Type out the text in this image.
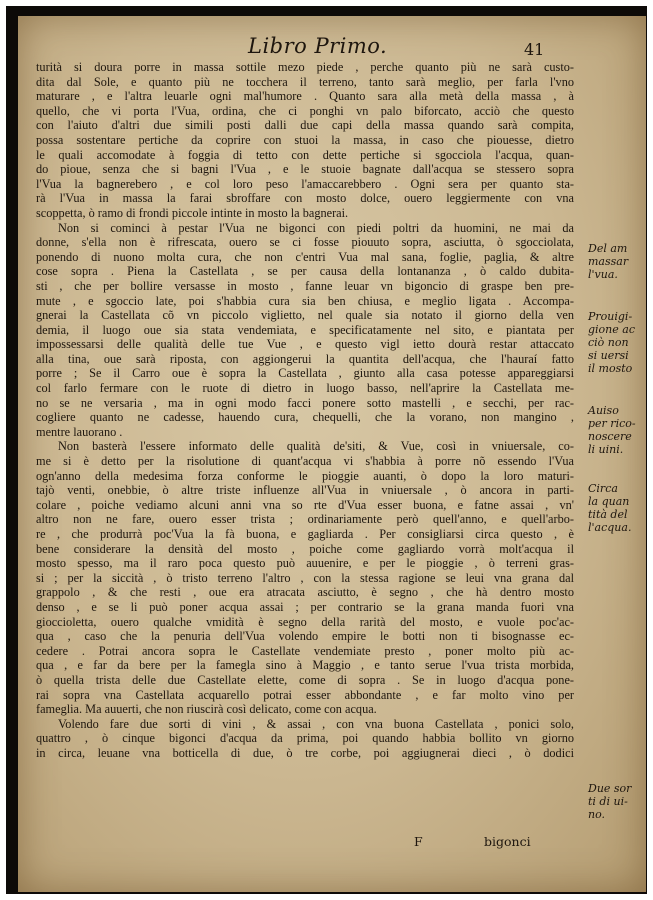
Libro Primo.	41

turità si doura porre in massa sottile mezo piede , perche quanto più ne sarà custo-

dita dal Sole, e quanto più ne tocchera il terreno, tanto sarà meglio, per farla l'vno

maturare , e l'altra leuarle ogni mal'humore . Quanto sara alla metà della massa , à

quello, che vi porta l'Vua, ordina, che ci ponghi vn palo biforcato, acciò che questo

con l'aiuto d'altri due simili posti dalli due capi della massa quando sarà compita,

possa sostentare pertiche da coprire con stuoi la massa, in caso che piouesse, dietro

le quali accomodate à foggia di tetto con dette pertiche si sgocciola l'acqua, quan-

do pioue, senza che si bagni l'Vua , e le stuoie bagnate dall'acqua se stessero sopra

l'Vua la bagnerebero , e col loro peso l'amaccarebbero . Ogni sera per quanto sta-

rà l'Vua in massa la farai sbroffare con mosto dolce, ouero leggiermente con vna

scoppetta, ò ramo di frondi piccole intinte in mosto la bagnerai.

Non si cominci à pestar l'Vua ne bigonci con piedi poltri da huomini, ne mai da

donne, s'ella non è rifrescata, ouero se ci fosse piouuto sopra, asciutta, ò sgocciolata,

ponendo di nuono molta cura, che non c'entri Vua mal sana, foglie, paglia, & altre

cose sopra . Piena la Castellata , se per causa della lontananza , ò caldo dubita-

sti , che per bollire versasse in mosto , fanne leuar vn bigoncio di graspe ben pre-

mute , e sgoccio late, poi s'habbia cura sia ben chiusa, e meglio ligata . Accompa-

gnerai la Castellata cõ vn piccolo viglietto, nel quale sia notato il giorno della ven

demia, il luogo oue sia stata vendemiata, e specificatamente nel sito, e piantata per

impossessarsi delle qualità delle tue Vue , e questo vigl ietto dourà restar attaccato

alla tina, oue sarà riposta, con aggiongerui la quantita dell'acqua, che l'hauraí fatto

porre ; Se il Carro oue è sopra la Castellata , giunto alla casa potesse appareggiarsi

col farlo fermare con le ruote di dietro in luogo basso, nell'aprire la Castellata me-

no se ne versaria , ma in ogni modo facci ponere sotto mastelli , e secchi, per rac-

cogliere quanto ne cadesse, hauendo cura, chequelli, che la vorano, non mangino ,

mentre lauorano .

Non basterà l'essere informato delle qualità de'siti, & Vue, così in vniuersale, co-

me si è detto per la risolutione di quant'acqua vi s'habbia à porre nõ essendo l'Vua

ogn'anno della medesima forza conforme le pioggie auanti, ò dopo la loro maturi-

tajò venti, onebbie, ò altre triste influenze all'Vua in vniuersale , ò ancora in parti-

colare , poiche vediamo alcuni anni vna so rte d'Vua esser buona, e fatne assai , vn'

altro non ne fare, ouero esser trista ; ordinariamente però quell'anno, e quell'arbo-

re , che produrrà poc'Vua la fà buona, e gagliarda . Per consigliarsi circa questo , è

bene considerare la densità del mosto , poiche come gagliardo vorrà molt'acqua il

mosto spesso, ma il raro poca questo può auuenire, e per le pioggie , ò terreni gras-

si ; per la siccità , ò tristo terreno l'altro , con la stessa ragione se leui vna grana dal

grappolo , & che resti , oue era atracata asciutto, è segno , che hà dentro mosto

denso , e se li può poner acqua assai ; per contrario se la grana manda fuori vna

gioccioletta, ouero qualche vmidità è segno della rarità del mosto, e vuole poc'ac-

qua , caso che la penuria dell'Vua volendo empire le botti non ti bisognasse ec-

cedere . Potrai ancora sopra le Castellate vendemiate presto , poner molto più ac-

qua , e far da bere per la famegla sino à Maggio , e tanto serue l'vua trista morbida,

ò quella trista delle due Castellate elette, come di sopra . Se in luogo d'acqua pone-

rai sopra vna Castellata acquarello potrai esser abbondante , e far molto vino per

fameglia. Ma auuerti, che non riuscirà così delicato, come con acqua.

Volendo fare due sorti di vini , & assai , con vna buona Castellata , ponici solo,

quattro , ò cinque bigonci d'acqua da prima, poi quando habbia bollito vn giorno

in circa, leuane vna botticella di due, ò tre corbe, poi aggiugnerai dieci , ò dodici

Del am
massar
l'vua.
Prouigi-
gione ac
ciò non
si uersi
il mosto
Auiso
per rico-
noscere
li uini.
Circa
la quan
tità del
l'acqua.
Due sor
ti di ui-
no.
F	bigonci
